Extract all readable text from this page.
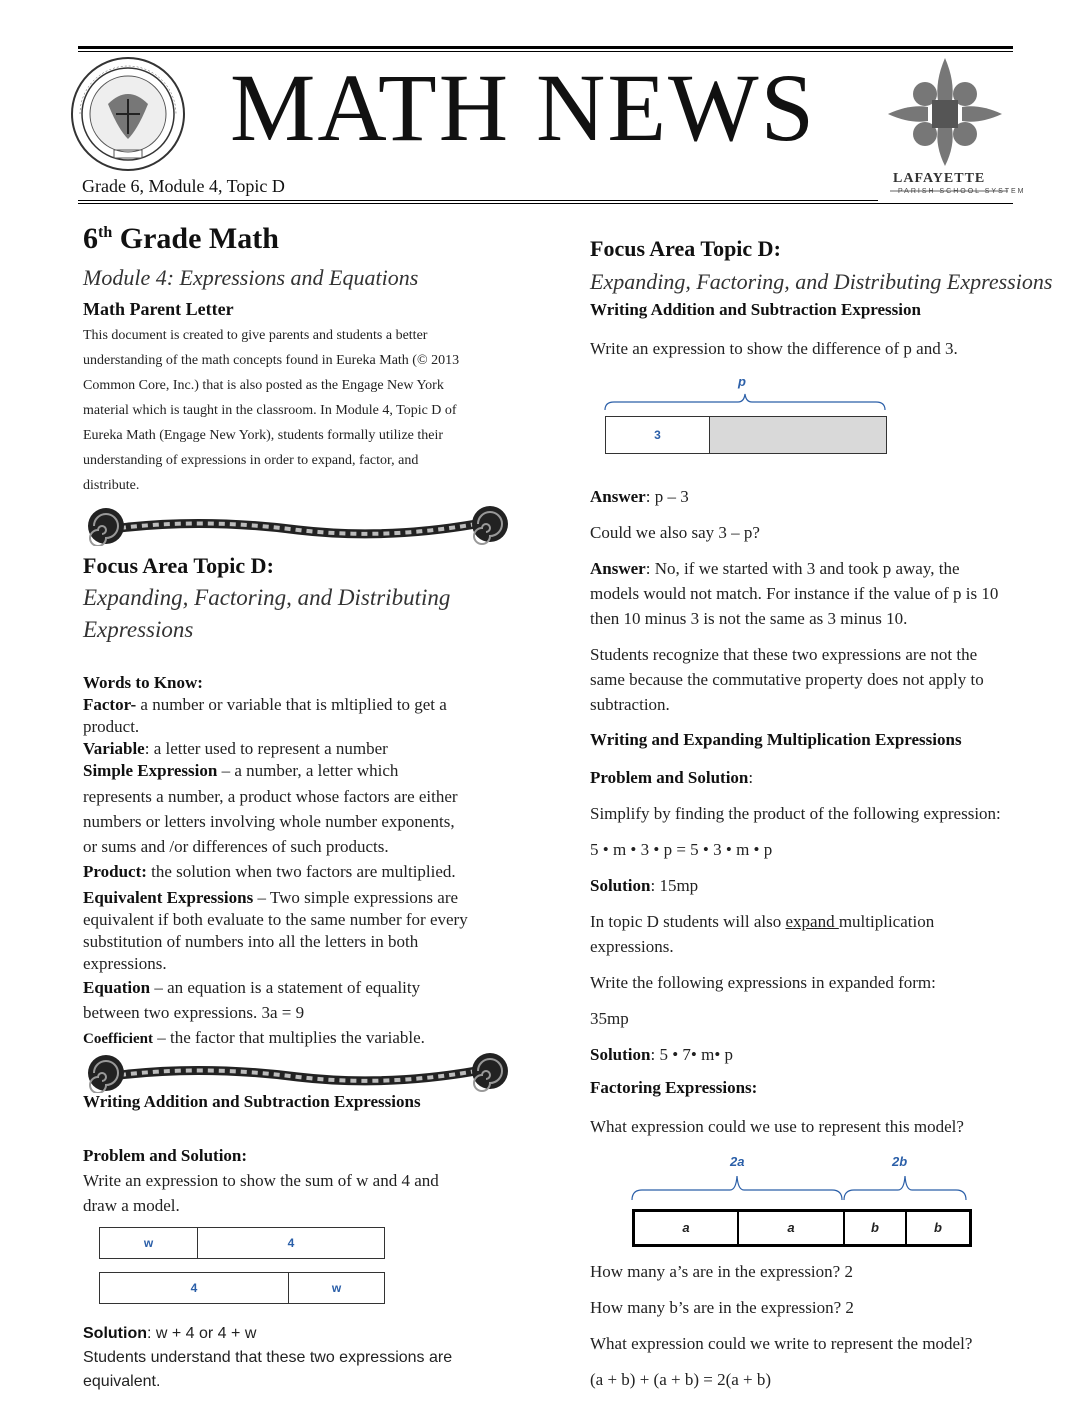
MATH NEWS
Grade 6, Module 4, Topic D	LAFAYETTE
PARISH SCHOOL SYSTEM
6th Grade Math
Module 4: Expressions and Equations
Math Parent Letter
This document is created to give parents and students a better
understanding of the math concepts found in Eureka Math (© 2013
Common Core, Inc.) that is also posted as the Engage New York
material which is taught in the classroom. In Module 4, Topic D of
Eureka Math (Engage New York), students formally utilize their
understanding of expressions in order to expand, factor, and
distribute.
Focus Area Topic D:
Expanding, Factoring, and Distributing
Expressions
Words to Know:
Factor- a number or variable that is mltiplied to get a
product.
Variable: a letter used to represent a number
Simple Expression – a number, a letter which
represents a number, a product whose factors are either
numbers or letters involving whole number exponents,
or sums and /or differences of such products.
Product: the solution when two factors are multiplied.
Equivalent Expressions – Two simple expressions are
equivalent if both evaluate to the same number for every
substitution of numbers into all the letters in both
expressions.
Equation – an equation is a statement of equality
between two expressions. 3a = 9
Coefficient – the factor that multiplies the variable.
Writing Addition and Subtraction Expressions
Problem and Solution:
Write an expression to show the sum of w and 4 and
draw a model.
w	4
4	w
Solution: w + 4 or 4 + w
Students understand that these two expressions are
equivalent.
Focus Area Topic D:
Expanding, Factoring, and Distributing Expressions
Writing Addition and Subtraction Expression
Write an expression to show the difference of p and 3.
p
3
Answer: p – 3
Could we also say 3 – p?
Answer: No, if we started with 3 and took p away, the
models would not match. For instance if the value of p is 10
then 10 minus 3 is not the same as 3 minus 10.
Students recognize that these two expressions are not the
same because the commutative property does not apply to
subtraction.
Writing and Expanding Multiplication Expressions
Problem and Solution:
Simplify by finding the product of the following expression:
5 • m • 3 • p = 5 • 3 • m • p
Solution: 15mp
In topic D students will also expand multiplication
expressions.
Write the following expressions in expanded form:
35mp
Solution: 5 • 7• m• p
Factoring Expressions:
What expression could we use to represent this model?
2a	2b
a	a	b	b
How many a’s are in the expression? 2
How many b’s are in the expression? 2
What expression could we write to represent the model?
(a + b) + (a + b) = 2(a + b)
